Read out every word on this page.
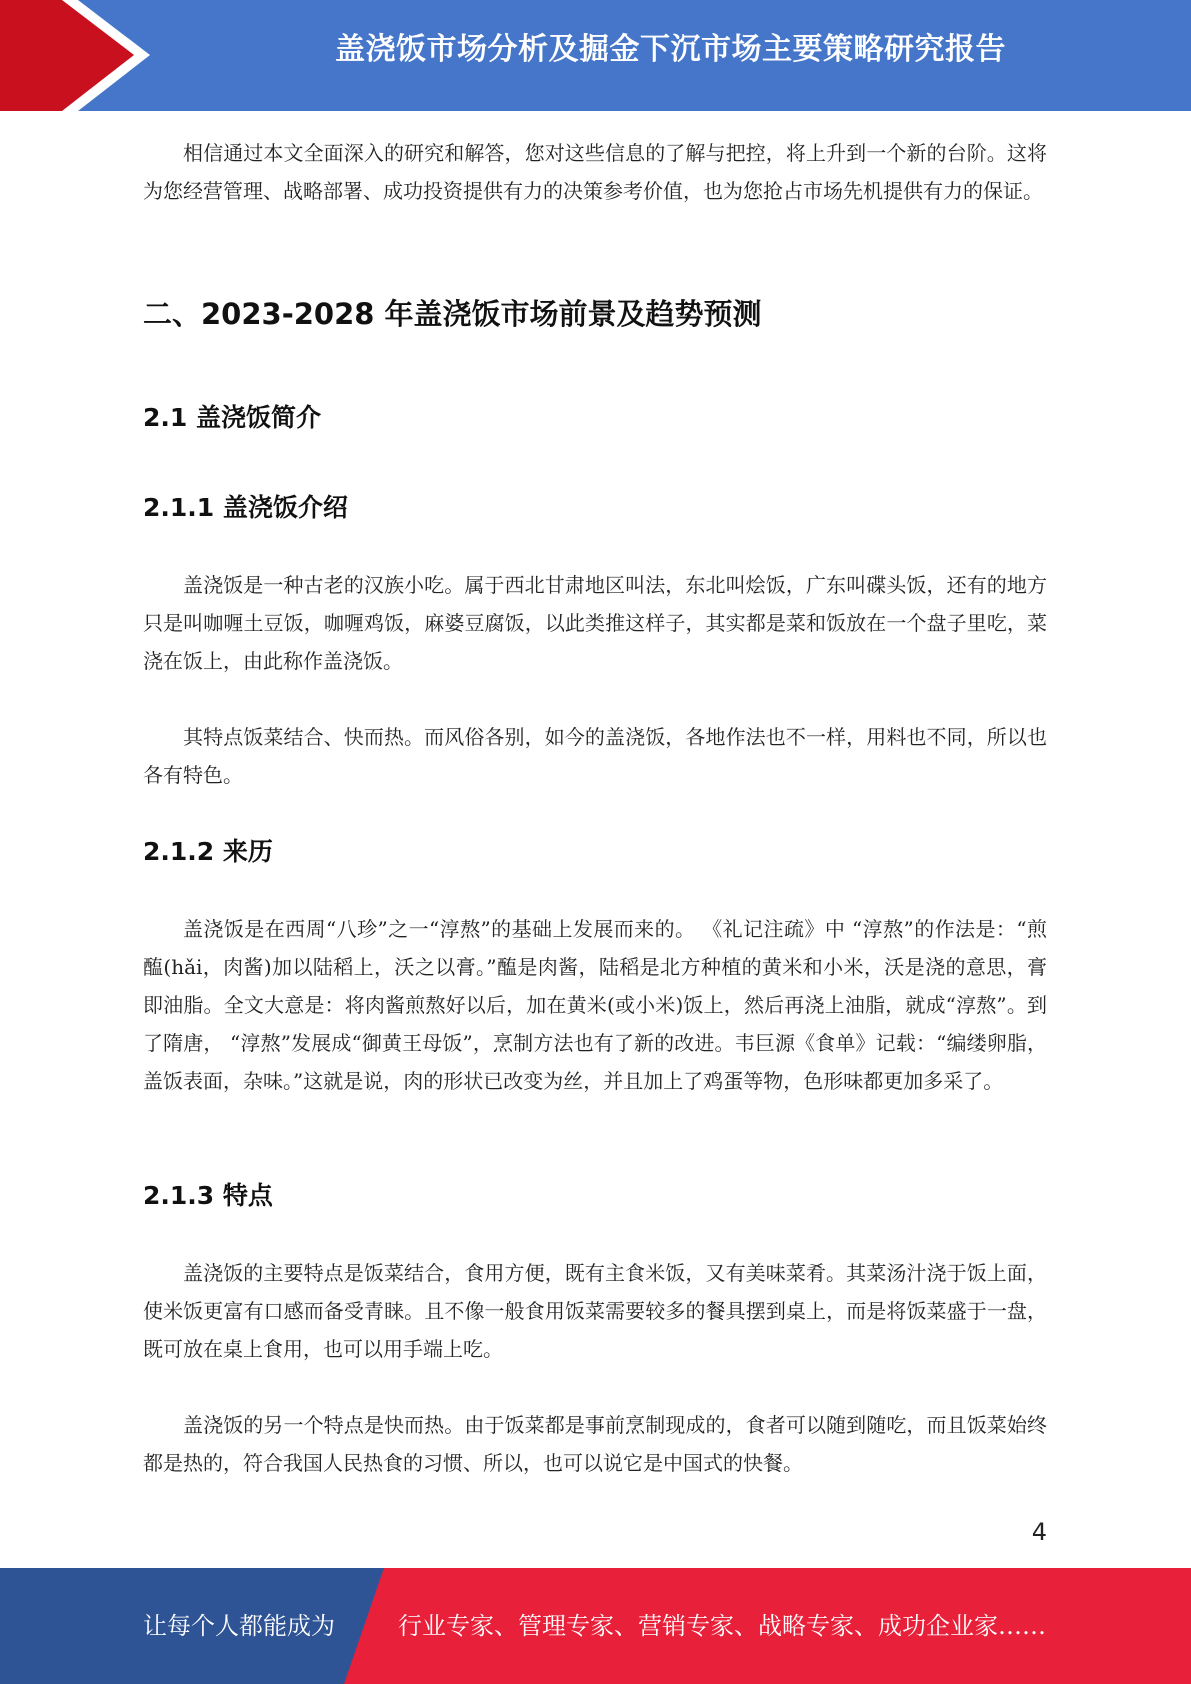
盖浇饭市场分析及掘金下沉市场主要策略研究报告

相信通过本文全面深入的研究和解答，您对这些信息的了解与把控，将上升到一个新的台阶。这将为您经营管理、战略部署、成功投资提供有力的决策参考价值，也为您抢占市场先机提供有力的保证。

二、2023-2028 年盖浇饭市场前景及趋势预测
2.1 盖浇饭简介
2.1.1 盖浇饭介绍

盖浇饭是一种古老的汉族小吃。属于西北甘肃地区叫法，东北叫烩饭，广东叫碟头饭，还有的地方只是叫咖喱土豆饭，咖喱鸡饭，麻婆豆腐饭，以此类推这样子，其实都是菜和饭放在一个盘子里吃，菜浇在饭上，由此称作盖浇饭。

其特点饭菜结合、快而热。而风俗各别，如今的盖浇饭，各地作法也不一样，用料也不同，所以也各有特色。

2.1.2 来历

盖浇饭是在西周“八珍”之一“淳熬”的基础上发展而来的。 《礼记注疏》中 “淳熬”的作法是：“煎醢(hǎi，肉酱)加以陆稻上，沃之以膏。”醢是肉酱，陆稻是北方种植的黄米和小米，沃是浇的意思，膏即油脂。全文大意是：将肉酱煎熬好以后，加在黄米(或小米)饭上，然后再浇上油脂，就成“淳熬”。到了隋唐， “淳熬”发展成“御黄王母饭”，烹制方法也有了新的改进。韦巨源《食单》记载：“编缕卵脂，盖饭表面，杂味。”这就是说，肉的形状已改变为丝，并且加上了鸡蛋等物，色形味都更加多采了。

2.1.3 特点

盖浇饭的主要特点是饭菜结合，食用方便，既有主食米饭，又有美味菜肴。其菜汤汁浇于饭上面，使米饭更富有口感而备受青睐。且不像一般食用饭菜需要较多的餐具摆到桌上，而是将饭菜盛于一盘，既可放在桌上食用，也可以用手端上吃。

盖浇饭的另一个特点是快而热。由于饭菜都是事前烹制现成的，食者可以随到随吃，而且饭菜始终都是热的，符合我国人民热食的习惯、所以，也可以说它是中国式的快餐。

4
让每个人都能成为	行业专家、管理专家、营销专家、战略专家、成功企业家……
